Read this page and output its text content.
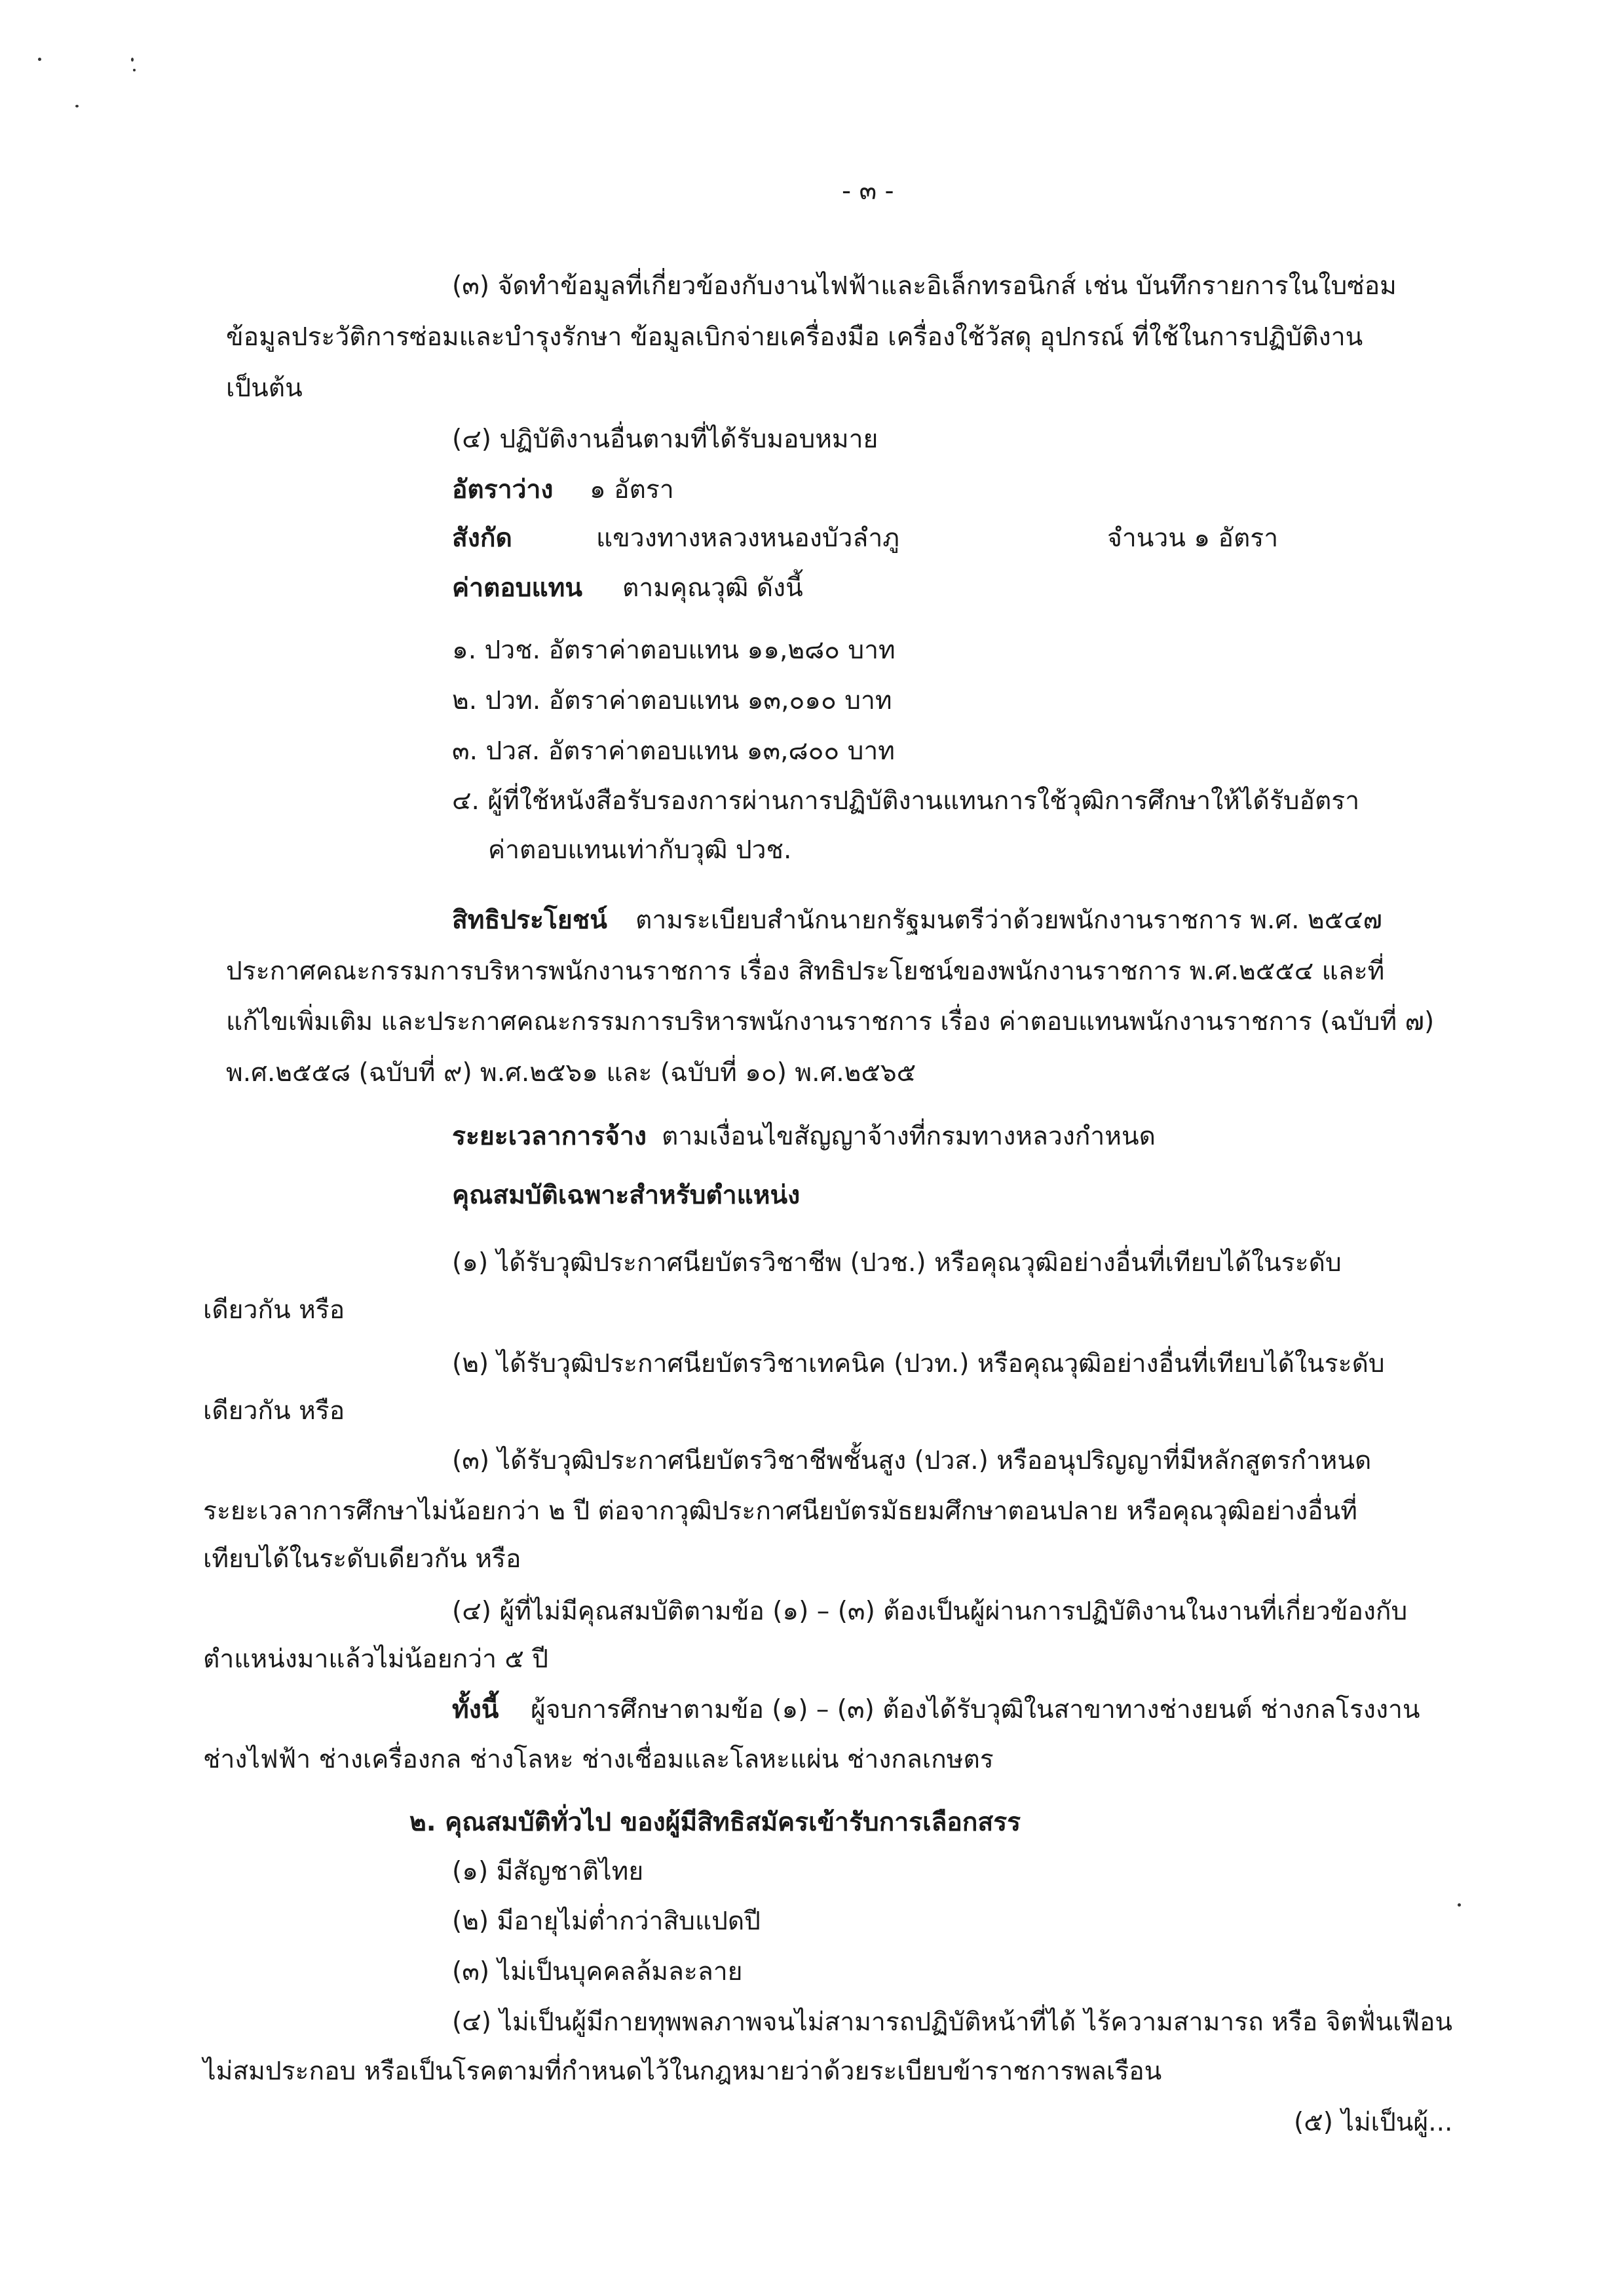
- ๓ -
(๓) จัดทำข้อมูลที่เกี่ยวข้องกับงานไฟฟ้าและอิเล็กทรอนิกส์ เช่น บันทึกรายการในใบซ่อม
ข้อมูลประวัติการซ่อมและบำรุงรักษา ข้อมูลเบิกจ่ายเครื่องมือ เครื่องใช้วัสดุ อุปกรณ์ ที่ใช้ในการปฏิบัติงาน
เป็นต้น
(๔) ปฏิบัติงานอื่นตามที่ได้รับมอบหมาย
อัตราว่าง ๑ อัตรา
สังกัด	แขวงทางหลวงหนองบัวลำภู	จำนวน ๑ อัตรา
ค่าตอบแทน ตามคุณวุฒิ ดังนี้
๑. ปวช. อัตราค่าตอบแทน ๑๑,๒๘๐ บาท
๒. ปวท. อัตราค่าตอบแทน ๑๓,๐๑๐ บาท
๓. ปวส. อัตราค่าตอบแทน ๑๓,๘๐๐ บาท
๔. ผู้ที่ใช้หนังสือรับรองการผ่านการปฏิบัติงานแทนการใช้วุฒิการศึกษาให้ได้รับอัตรา
ค่าตอบแทนเท่ากับวุฒิ ปวช.
สิทธิประโยชน์ ตามระเบียบสำนักนายกรัฐมนตรีว่าด้วยพนักงานราชการ พ.ศ. ๒๕๔๗
ประกาศคณะกรรมการบริหารพนักงานราชการ เรื่อง สิทธิประโยชน์ของพนักงานราชการ พ.ศ.๒๕๕๔ และที่
แก้ไขเพิ่มเติม และประกาศคณะกรรมการบริหารพนักงานราชการ เรื่อง ค่าตอบแทนพนักงานราชการ (ฉบับที่ ๗)
พ.ศ.๒๕๕๘ (ฉบับที่ ๙) พ.ศ.๒๕๖๑ และ (ฉบับที่ ๑๐) พ.ศ.๒๕๖๕
ระยะเวลาการจ้าง ตามเงื่อนไขสัญญาจ้างที่กรมทางหลวงกำหนด
คุณสมบัติเฉพาะสำหรับตำแหน่ง
(๑) ได้รับวุฒิประกาศนียบัตรวิชาชีพ (ปวช.) หรือคุณวุฒิอย่างอื่นที่เทียบได้ในระดับ
เดียวกัน หรือ
(๒) ได้รับวุฒิประกาศนียบัตรวิชาเทคนิค (ปวท.) หรือคุณวุฒิอย่างอื่นที่เทียบได้ในระดับ
เดียวกัน หรือ
(๓) ได้รับวุฒิประกาศนียบัตรวิชาชีพชั้นสูง (ปวส.) หรืออนุปริญญาที่มีหลักสูตรกำหนด
ระยะเวลาการศึกษาไม่น้อยกว่า ๒ ปี ต่อจากวุฒิประกาศนียบัตรมัธยมศึกษาตอนปลาย หรือคุณวุฒิอย่างอื่นที่
เทียบได้ในระดับเดียวกัน หรือ
(๔) ผู้ที่ไม่มีคุณสมบัติตามข้อ (๑) – (๓) ต้องเป็นผู้ผ่านการปฏิบัติงานในงานที่เกี่ยวข้องกับ
ตำแหน่งมาแล้วไม่น้อยกว่า ๕ ปี
ทั้งนี้ ผู้จบการศึกษาตามข้อ (๑) – (๓) ต้องได้รับวุฒิในสาขาทางช่างยนต์ ช่างกลโรงงาน
ช่างไฟฟ้า ช่างเครื่องกล ช่างโลหะ ช่างเชื่อมและโลหะแผ่น ช่างกลเกษตร
๒. คุณสมบัติทั่วไป ของผู้มีสิทธิสมัครเข้ารับการเลือกสรร
(๑) มีสัญชาติไทย
(๒) มีอายุไม่ต่ำกว่าสิบแปดปี
(๓) ไม่เป็นบุคคลล้มละลาย
(๔) ไม่เป็นผู้มีกายทุพพลภาพจนไม่สามารถปฏิบัติหน้าที่ได้ ไร้ความสามารถ หรือ จิตฟั่นเฟือน
ไม่สมประกอบ หรือเป็นโรคตามที่กำหนดไว้ในกฎหมายว่าด้วยระเบียบข้าราชการพลเรือน
(๕) ไม่เป็นผู้...
